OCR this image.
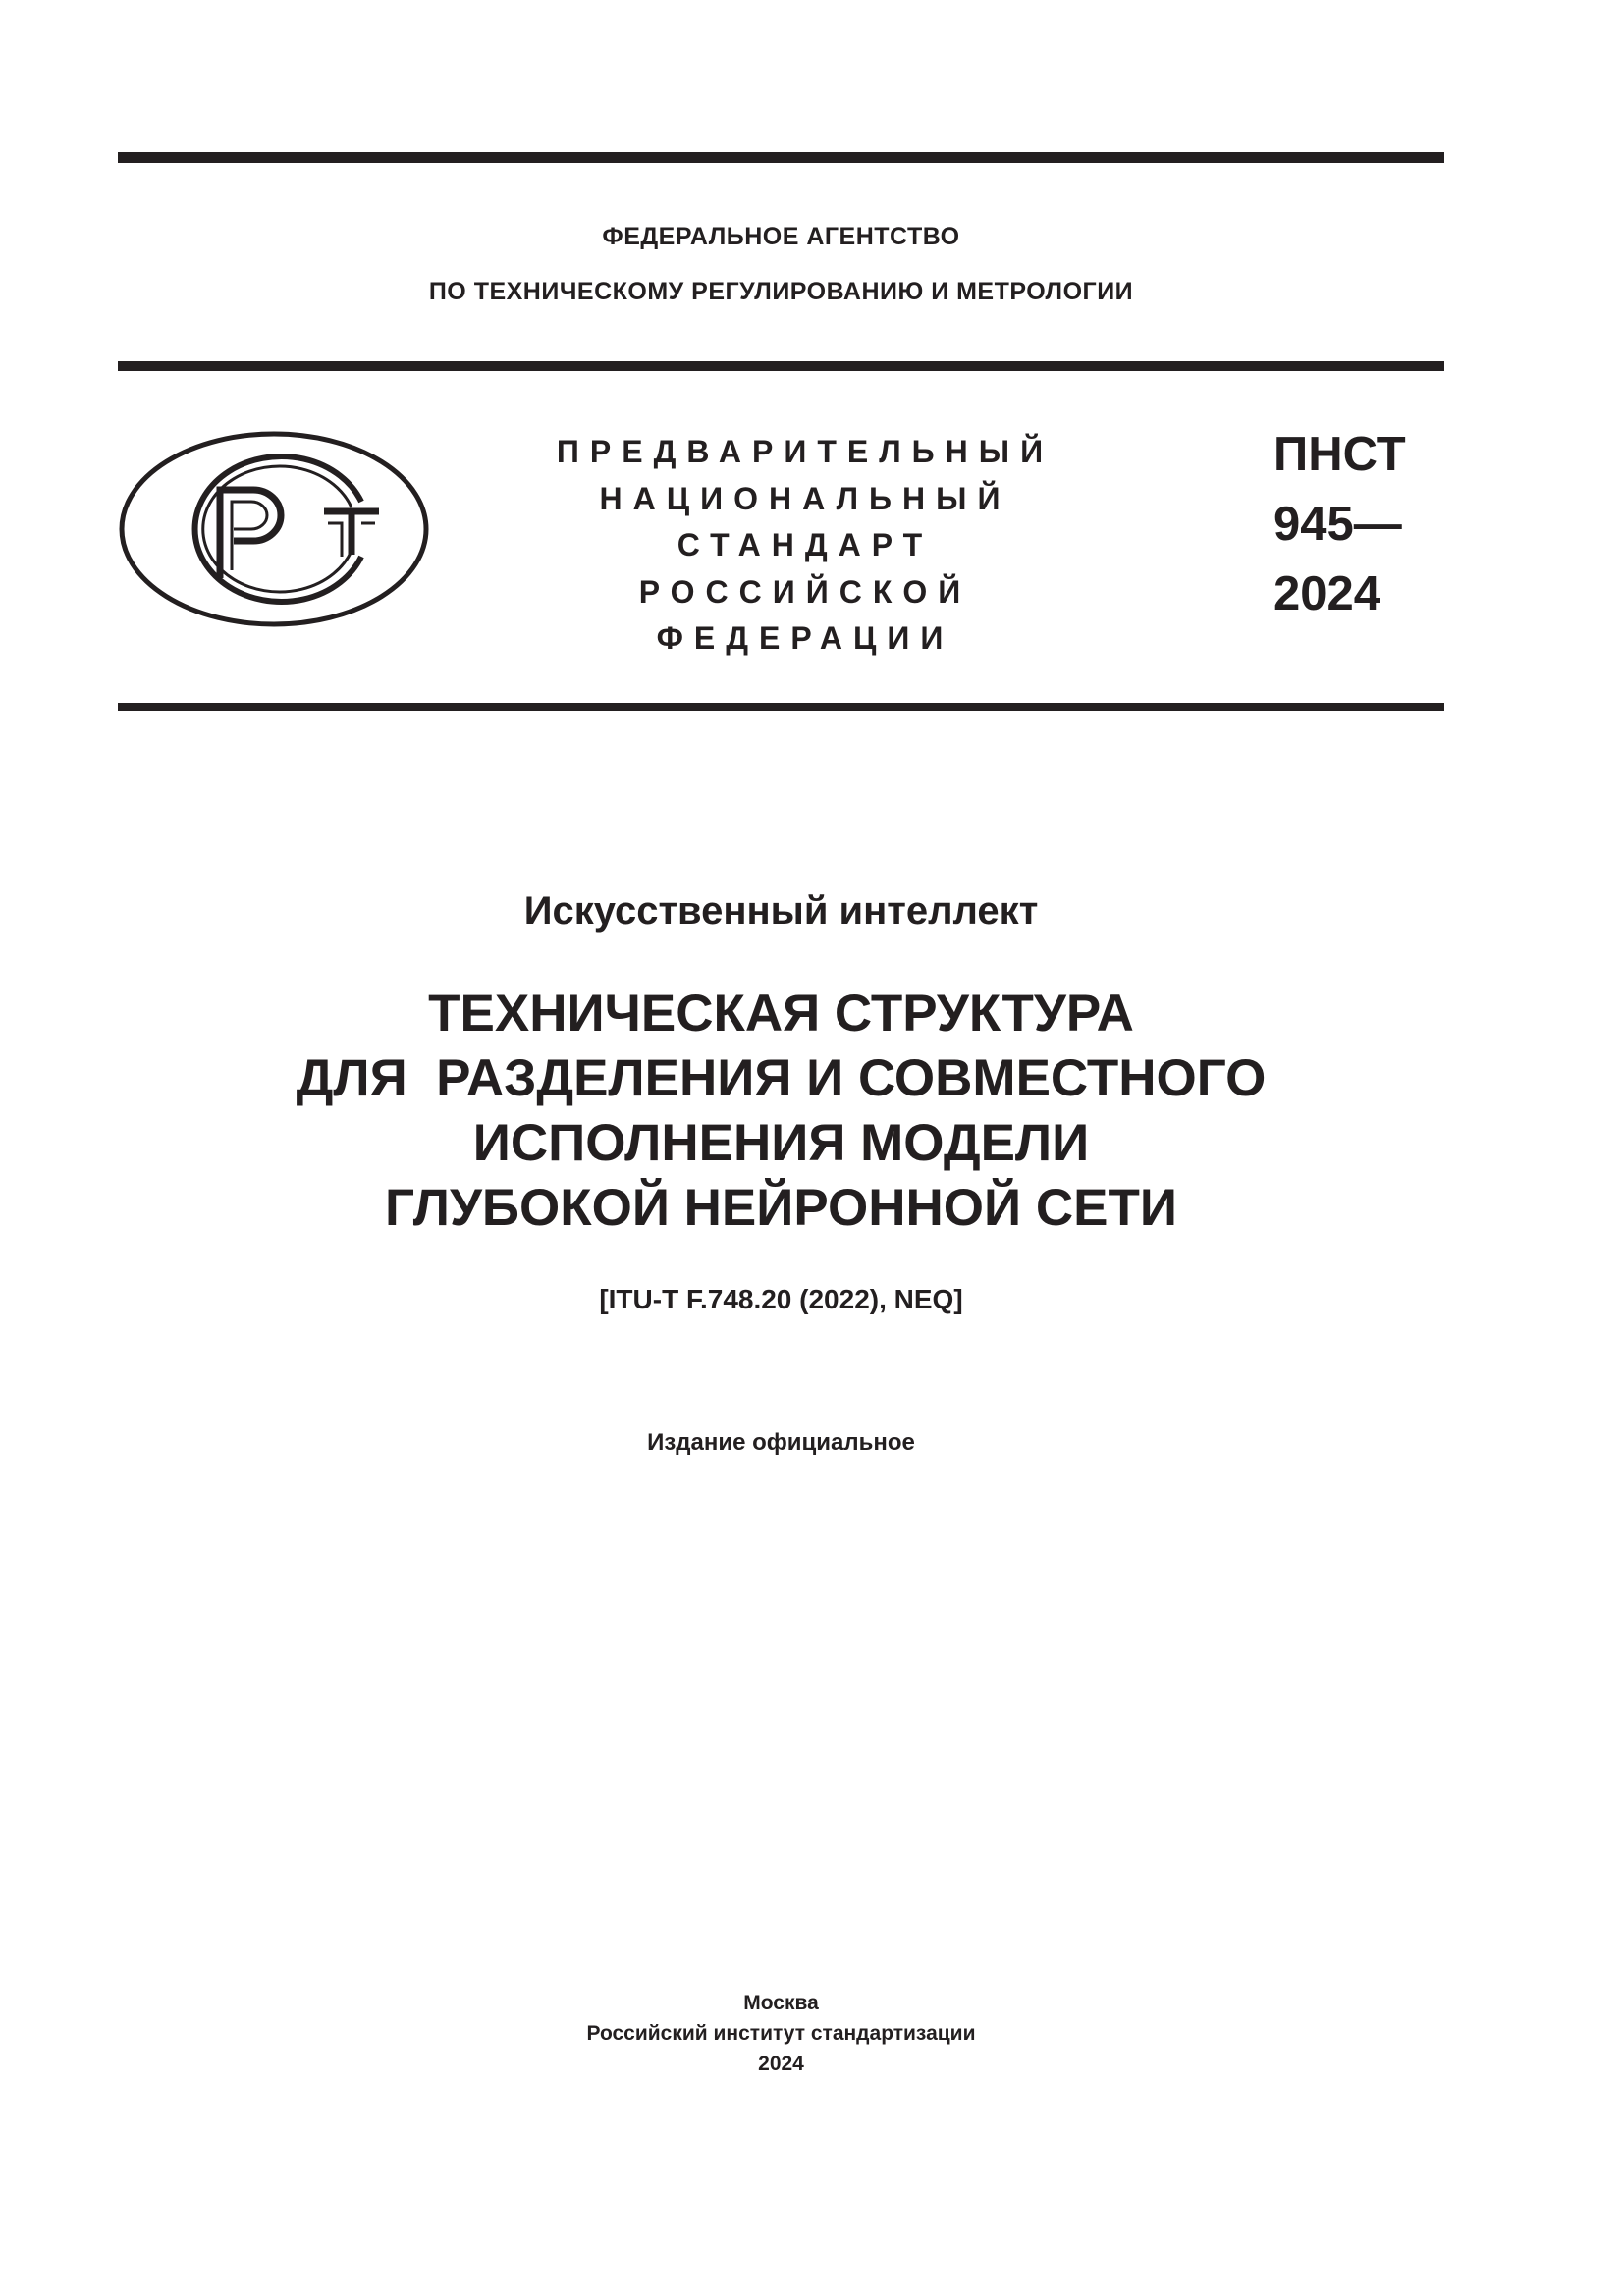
ФЕДЕРАЛЬНОЕ АГЕНТСТВО
ПО ТЕХНИЧЕСКОМУ РЕГУЛИРОВАНИЮ И МЕТРОЛОГИИ
ПРЕДВАРИТЕЛЬНЫЙ
НАЦИОНАЛЬНЫЙ
СТАНДАРТ
РОССИЙСКОЙ
ФЕДЕРАЦИИ
ПНСТ
945—
2024
Искусственный интеллект
ТЕХНИЧЕСКАЯ СТРУКТУРА
ДЛЯ  РАЗДЕЛЕНИЯ И СОВМЕСТНОГО
ИСПОЛНЕНИЯ МОДЕЛИ
ГЛУБОКОЙ НЕЙРОННОЙ СЕТИ
[ITU-T F.748.20 (2022), NEQ]
Издание официальное
Москва
Российский институт стандартизации
2024
